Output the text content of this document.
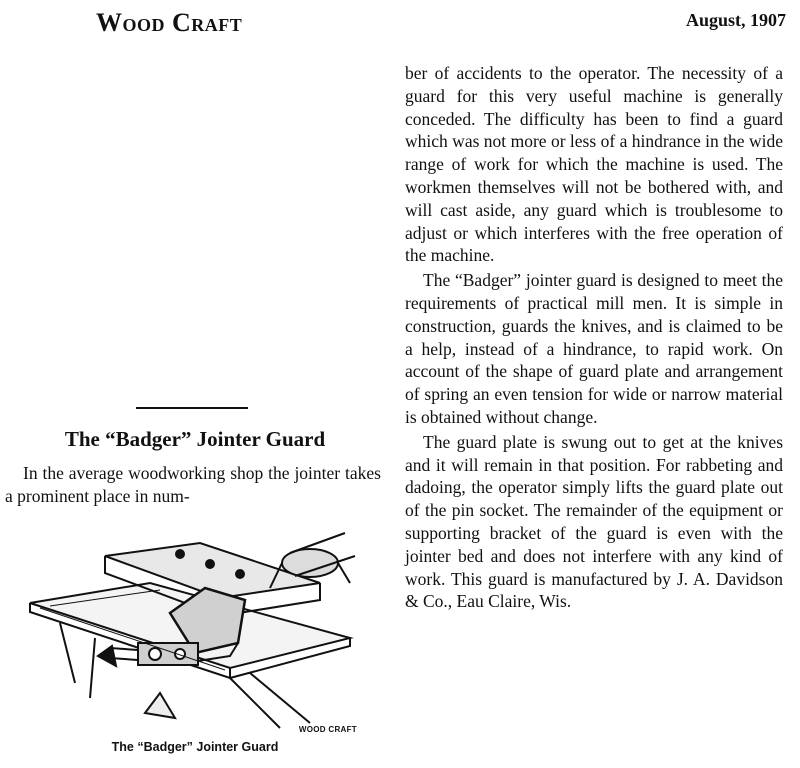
Wood Craft	August, 1907

ber of accidents to the operator. The necessity of a guard for this very useful machine is generally conceded. The difficulty has been to find a guard which was not more or less of a hindrance in the wide range of work for which the machine is used. The workmen themselves will not be bothered with, and will cast aside, any guard which is troublesome to adjust or which interferes with the free operation of the machine.

The “Badger” jointer guard is designed to meet the requirements of practical mill men. It is simple in construction, guards the knives, and is claimed to be a help, instead of a hindrance, to rapid work. On account of the shape of guard plate and arrangement of spring an even tension for wide or narrow material is obtained without change.

The guard plate is swung out to get at the knives and it will remain in that position. For rabbeting and dadoing, the operator simply lifts the guard plate out of the pin socket. The remainder of the equipment or supporting bracket of the guard is even with the jointer bed and does not interfere with any kind of work. This guard is manufactured by J. A. Davidson & Co., Eau Claire, Wis.

The “Badger” Jointer Guard

In the average woodworking shop the jointer takes a prominent place in num-

WOOD CRAFT
The “Badger” Jointer Guard
